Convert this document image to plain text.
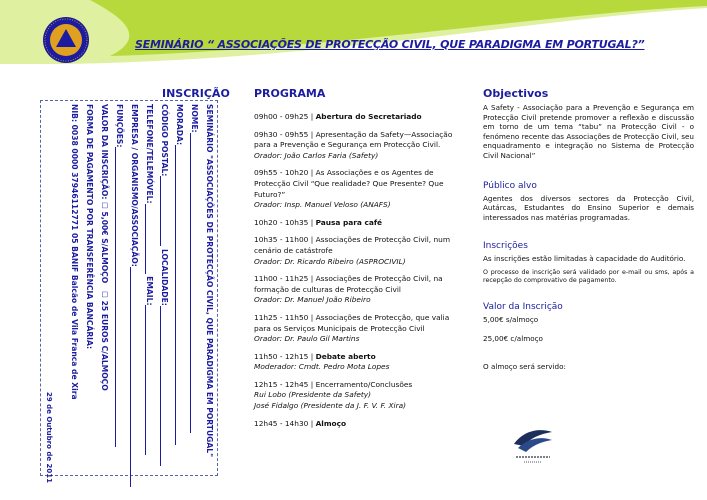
SEMINÁRIO “ ASSOCIAÇÕES DE PROTECÇÃO CIVIL, QUE PARADIGMA EM PORTUGAL?”
INSCRIÇÃO PROGRAMA	Objectivos
SEMINÁRIO "ASSOCIAÇÕES DE PROTECÇÃO CIVIL, QUE PARADIGMA EM PORTUGAL"
NOME:
MORADA:
CÓDIGO POSTAL: LOCALIDADE:
TELEFONE/TELEMÓVEL: EMAIL:
EMPRESA / ORGANISMO/ASSOCIAÇÃO:
FUNÇÕES:
VALOR DA INSCRIÇÃO: ☐ 5,00€ S/ALMOÇO   ☐ 25 EUROS C/ALMOÇO
FORMA DE PAGAMENTO POR TRANSFERÊNCIA BANCÁRIA:
NIB: 0038 0000 37946112771 05 BANIF Balcão de Vila Franca de Xira
29 de Outubro de 2011
09h00 - 09h25 | Abertura do Secretariado
09h30 - 09h55 | Apresentação da Safety—Associação para a Prevenção e Segurança em Protecção Civil.
Orador: João Carlos Faria (Safety)
09h55 - 10h20 | As Associações e os Agentes de Protecção Civil “Que realidade? Que Presente? Que Futuro?”
Orador: Insp. Manuel Veloso (ANAFS)
10h20 - 10h35 | Pausa para café
10h35 - 11h00 | Associações de Protecção Civil, num cenário de catástrofe
Orador: Dr. Ricardo Ribeiro (ASPROCIVIL)
11h00 - 11h25 | Associações de Protecção Civil, na formação de culturas de Protecção Civil
Orador: Dr. Manuel João Ribeiro
11h25 - 11h50 | Associações de Protecção, que valia para os Serviços Municipais de Protecção Civil
Orador: Dr. Paulo Gil Martins
11h50 - 12h15 | Debate aberto
Moderador: Cmdt. Pedro Mota Lopes
12h15 - 12h45 | Encerramento/Conclusões
Rui Lobo (Presidente da Safety)
José Fidalgo (Presidente da J. F. V. F. Xira)
12h45 - 14h30 | Almoço
A Safety - Associação para a Prevenção e Segurança em Protecção Civil pretende promover a reflexão e discussão em torno de um tema “tabu” na Protecção Civil - o fenómeno recente das Associações de Protecção Civil, seu enquadramento e integração no Sistema de Protecção Civil Nacional”
Público alvo
Agentes dos diversos sectores da Protecção Civil, Autárcas, Estudantes do Ensino Superior e demais interessados nas matérias programadas.
Inscrições
As inscrições estão limitadas à capacidade do Auditório.
O processo de inscrição será validado por e-mail ou sms, após a recepção do comprovativo de pagamento.
Valor da Inscrição
5,00€ s/almoço
25,00€ c/almoço
O almoço será servido:
